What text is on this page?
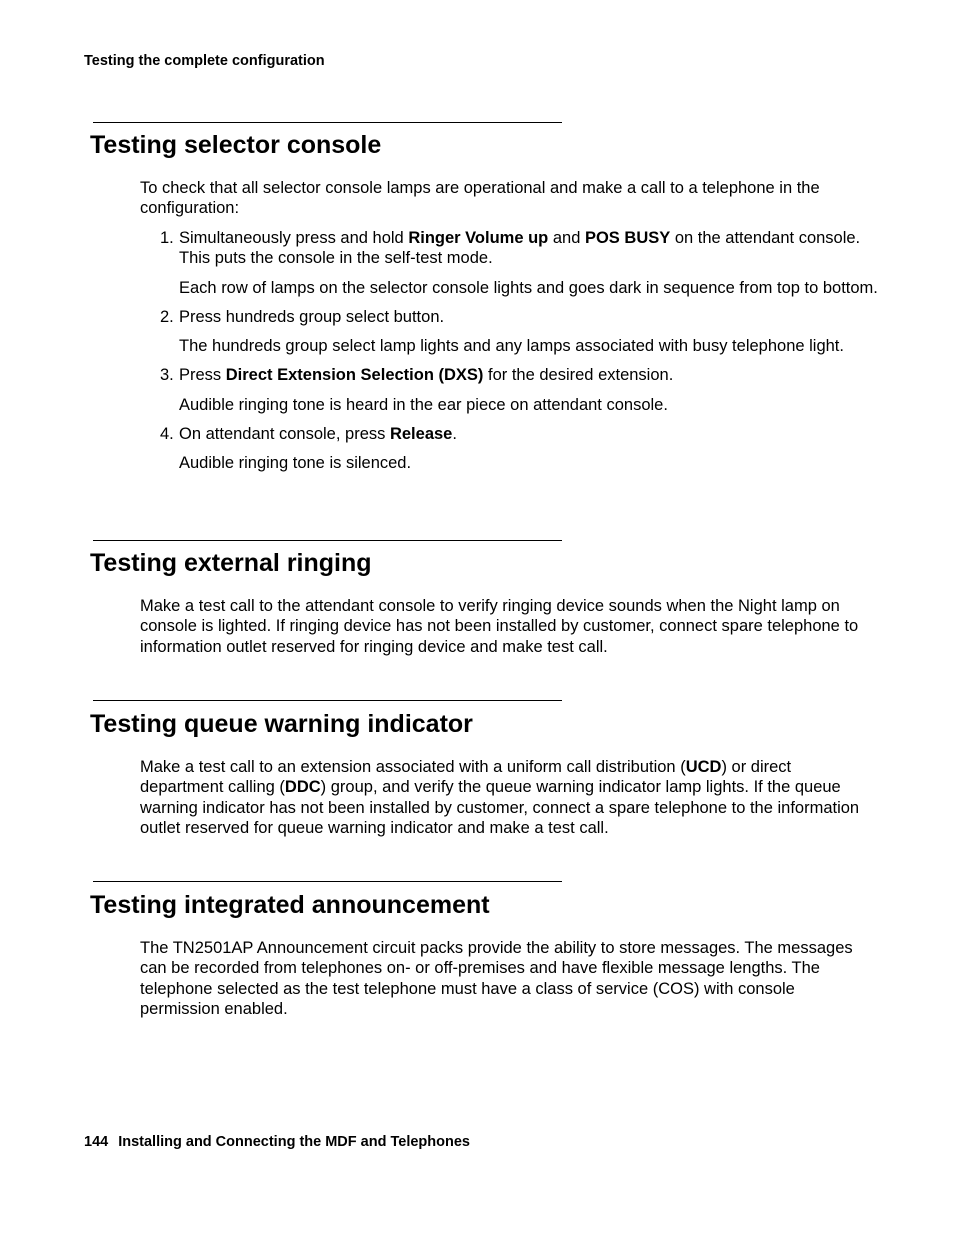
Testing the complete configuration
Testing selector console

To check that all selector console lamps are operational and make a call to a telephone in the configuration:

1. Simultaneously press and hold Ringer Volume up and POS BUSY on the attendant console. This puts the console in the self-test mode.

Each row of lamps on the selector console lights and goes dark in sequence from top to bottom.

2. Press hundreds group select button.

The hundreds group select lamp lights and any lamps associated with busy telephone light.

3. Press Direct Extension Selection (DXS) for the desired extension.

Audible ringing tone is heard in the ear piece on attendant console.

4. On attendant console, press Release.

Audible ringing tone is silenced.

Testing external ringing

Make a test call to the attendant console to verify ringing device sounds when the Night lamp on console is lighted. If ringing device has not been installed by customer, connect spare telephone to information outlet reserved for ringing device and make test call.

Testing queue warning indicator

Make a test call to an extension associated with a uniform call distribution (UCD) or direct department calling (DDC) group, and verify the queue warning indicator lamp lights. If the queue warning indicator has not been installed by customer, connect a spare telephone to the information outlet reserved for queue warning indicator and make a test call.

Testing integrated announcement

The TN2501AP Announcement circuit packs provide the ability to store messages. The messages can be recorded from telephones on- or off-premises and have flexible message lengths. The telephone selected as the test telephone must have a class of service (COS) with console permission enabled.

144 Installing and Connecting the MDF and Telephones
